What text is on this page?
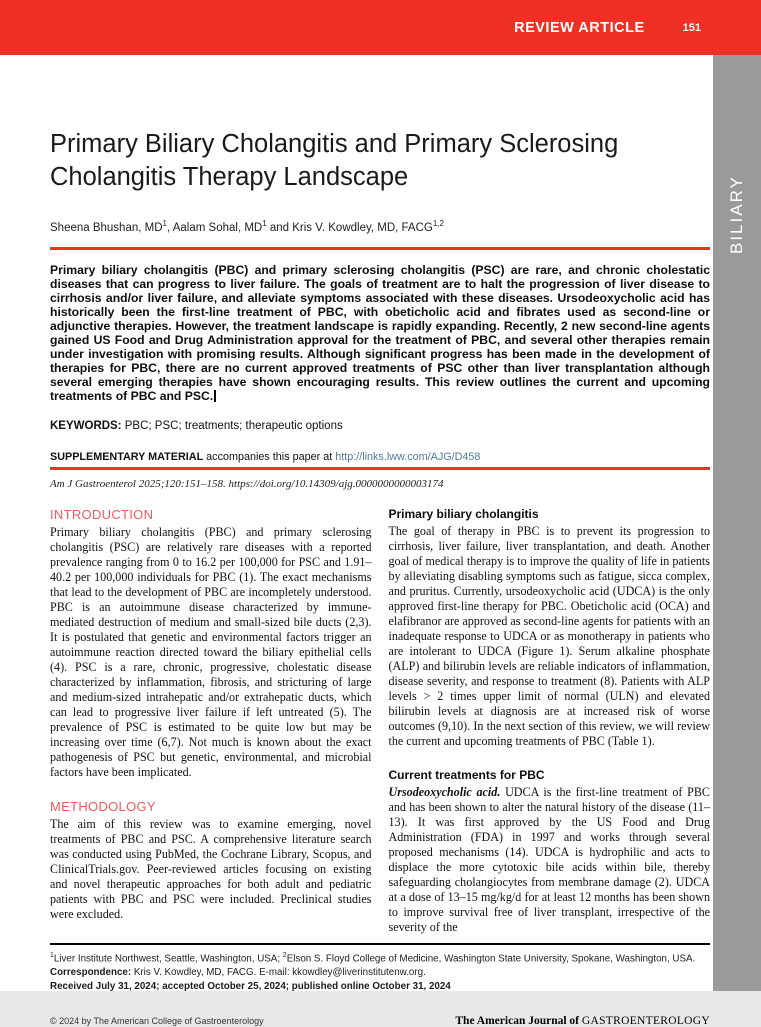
REVIEW ARTICLE	151
BILIARY
Primary Biliary Cholangitis and Primary Sclerosing Cholangitis Therapy Landscape

Sheena Bhushan, $MD^1$, Aalam Sohal, $MD^1$ and Kris V. Kowdley, MD, FACG$^{1,2}$

Primary biliary cholangitis (PBC) and primary sclerosing cholangitis (PSC) are rare, and chronic cholestatic diseases that can progress to liver failure. The goals of treatment are to halt the progression of liver disease to cirrhosis and/or liver failure, and alleviate symptoms associated with these diseases. Ursodeoxycholic acid has historically been the first-line treatment of PBC, with obeticholic acid and fibrates used as second-line or adjunctive therapies. However, the treatment landscape is rapidly expanding. Recently, 2 new second-line agents gained US Food and Drug Administration approval for the treatment of PBC, and several other therapies remain under investigation with promising results. Although significant progress has been made in the development of therapies for PBC, there are no current approved treatments of PSC other than liver transplantation although several emerging therapies have shown encouraging results. This review outlines the current and upcoming treatments of PBC and PSC.

KEYWORDS: PBC; PSC; treatments; therapeutic options

SUPPLEMENTARY MATERIAL accompanies this paper at http://links.lww.com/AJG/D458

Am J Gastroenterol 2025;120:151–158. https://doi.org/10.14309/ajg.0000000000003174

INTRODUCTION

Primary biliary cholangitis (PBC) and primary sclerosing cholangitis (PSC) are relatively rare diseases with a reported prevalence ranging from 0 to 16.2 per 100,000 for PSC and 1.91–40.2 per 100,000 individuals for PBC (1). The exact mechanisms that lead to the development of PBC are incompletely understood. PBC is an autoimmune disease characterized by immune-mediated destruction of medium and small-sized bile ducts (2,3). It is postulated that genetic and environmental factors trigger an autoimmune reaction directed toward the biliary epithelial cells (4). PSC is a rare, chronic, progressive, cholestatic disease characterized by inflammation, fibrosis, and stricturing of large and medium-sized intrahepatic and/or extrahepatic ducts, which can lead to progressive liver failure if left untreated (5). The prevalence of PSC is estimated to be quite low but may be increasing over time (6,7). Not much is known about the exact pathogenesis of PSC but genetic, environmental, and microbial factors have been implicated.

METHODOLOGY

The aim of this review was to examine emerging, novel treatments of PBC and PSC. A comprehensive literature search was conducted using PubMed, the Cochrane Library, Scopus, and ClinicalTrials.gov. Peer-reviewed articles focusing on existing and novel therapeutic approaches for both adult and pediatric patients with PBC and PSC were included. Preclinical studies were excluded.

Primary biliary cholangitis

The goal of therapy in PBC is to prevent its progression to cirrhosis, liver failure, liver transplantation, and death. Another goal of medical therapy is to improve the quality of life in patients by alleviating disabling symptoms such as fatigue, sicca complex, and pruritus. Currently, ursodeoxycholic acid (UDCA) is the only approved first-line therapy for PBC. Obeticholic acid (OCA) and elafibranor are approved as second-line agents for patients with an inadequate response to UDCA or as monotherapy in patients who are intolerant to UDCA (Figure 1). Serum alkaline phosphate (ALP) and bilirubin levels are reliable indicators of inflammation, disease severity, and response to treatment (8). Patients with ALP levels > 2 times upper limit of normal (ULN) and elevated bilirubin levels at diagnosis are at increased risk of worse outcomes (9,10). In the next section of this review, we will review the current and upcoming treatments of PBC (Table 1).

Current treatments for PBC

Ursodeoxycholic acid. UDCA is the first-line treatment of PBC and has been shown to alter the natural history of the disease (11–13). It was first approved by the US Food and Drug Administration (FDA) in 1997 and works through several proposed mechanisms (14). UDCA is hydrophilic and acts to displace the more cytotoxic bile acids within bile, thereby safeguarding cholangiocytes from membrane damage (2). UDCA at a dose of 13–15 mg/kg/d for at least 12 months has been shown to improve survival free of liver transplant, irrespective of the severity of the

$^1$Liver Institute Northwest, Seattle, Washington, USA; $^2$Elson S. Floyd College of Medicine, Washington State University, Spokane, Washington, USA.
Correspondence: Kris V. Kowdley, MD, FACG. E-mail: kkowdley@liverinstitutenw.org.
Received July 31, 2024; accepted October 25, 2024; published online October 31, 2024
© 2024 by The American College of Gastroenterology	The American Journal of GASTROENTEROLOGY
